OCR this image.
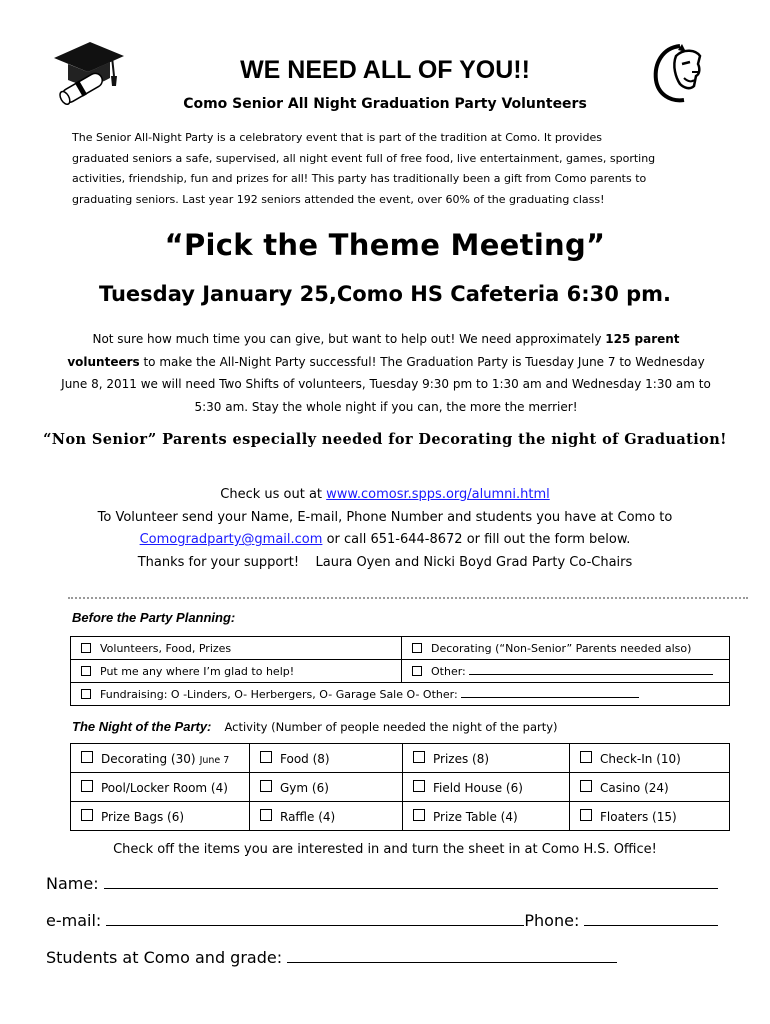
WE NEED ALL OF YOU!!
Como Senior All Night Graduation Party Volunteers
The Senior All-Night Party is a celebratory event that is part of the tradition at Como. It provides
graduated seniors a safe, supervised, all night event full of free food, live entertainment, games, sporting
activities, friendship, fun and prizes for all! This party has traditionally been a gift from Como parents to
graduating seniors. Last year 192 seniors attended the event, over 60% of the graduating class!
“Pick the Theme Meeting”
Tuesday January 25,Como HS Cafeteria 6:30 pm.
Not sure how much time you can give, but want to help out! We need approximately 125 parent volunteers to make the All-Night Party successful! The Graduation Party is Tuesday June 7 to Wednesday June 8, 2011 we will need Two Shifts of volunteers, Tuesday 9:30 pm to 1:30 am and Wednesday 1:30 am to 5:30 am. Stay the whole night if you can, the more the merrier!
“Non Senior” Parents especially needed for Decorating the night of Graduation!
Check us out at www.comosr.spps.org/alumni.html
To Volunteer send your Name, E-mail, Phone Number and students you have at Como to
Comogradparty@gmail.com or call 651-644-8672 or fill out the form below.
Thanks for your support!    Laura Oyen and Nicki Boyd Grad Party Co-Chairs
Before the Party Planning:
Volunteers, Food, Prizes	Decorating (“Non-Senior” Parents needed also)
Put me any where I’m glad to help!	Other:
Fundraising: O -Linders, O- Herbergers, O- Garage Sale O- Other:	
The Night of the Party: Activity (Number of people needed the night of the party)
Decorating (30) June 7	Food (8)	Prizes (8)	Check-In (10)
Pool/Locker Room (4)	Gym (6)	Field House (6)	Casino (24)
Prize Bags (6)	Raffle (4)	Prize Table (4)	Floaters (15)
Check off the items you are interested in and turn the sheet in at Como H.S. Office!
Name:
e-mail:	Phone:
Students at Como and grade:
